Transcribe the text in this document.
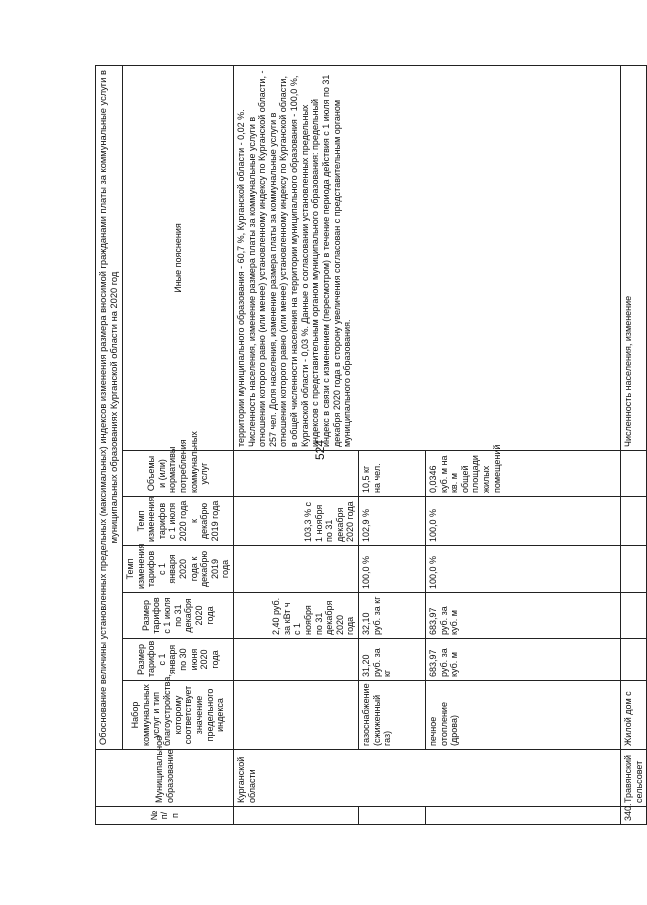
524
№
п/п	Муниципальное образование	Обоснование величины установленных предельных (максимальных) индексов изменения размера вносимой гражданами платы за коммунальные услуги в муниципальных образованиях Курганской области на 2020 год						
		Набор коммунальных услуг и тип благоустройства, которому соответствует значение предельного индекса	Размер тарифов с 1 января по 30 июня 2020 года	Размер тарифов с 1 июля по 31 декабря 2020 года	Темп изменения тарифов с 1 января 2020 года к декабрю 2019 года	Темп изменения тарифов с 1 июля 2020 года к декабрю 2019 года	Объемы и (или) нормативы потребления коммунальных услуг	Иные пояснения
	Курганской области			2,40 руб. за кВт ч с 1 ноября по 31 декабря 2020 года		103,3 % с 1 ноября по 31 декабря 2020 года		территории муниципального образования - 60,7 %, Курганской области - 0,02 %. Численность населения, изменение размера платы за коммунальные услуги в отношении которого равно (или менее) установленному индексу по Курганской области, - 257 чел. Доля населения, изменение размера платы за коммунальные услуги в отношении которого равно (или менее) установленному индексу по Курганской области, в общей численности населения на территории муниципального образования - 100,0 %, Курганской области - 0,03 %. Данные о согласовании установленных предельных индексов с представительным органом муниципального образования: предельный индекс в связи с изменением (пересмотром) в течение периода действия с 1 июля по 31 декабря 2020 года в сторону увеличения согласован с представительным органом муниципального образования.
		газоснабжение (сжиженный газ)	31,20 руб. за кг	32,10 руб. за кг	100,0 %	102,9 %	10,5 кг на чел.	
		печное отопление (дрова)	683,97 руб. за куб. м	683,97 руб. за куб. м	100,0 %	100,0 %	0,0346 куб. м на кв. м общей площади жилых помещений	
340.	Травянский сельсовет	Жилой дом с						Численность населения, изменение
